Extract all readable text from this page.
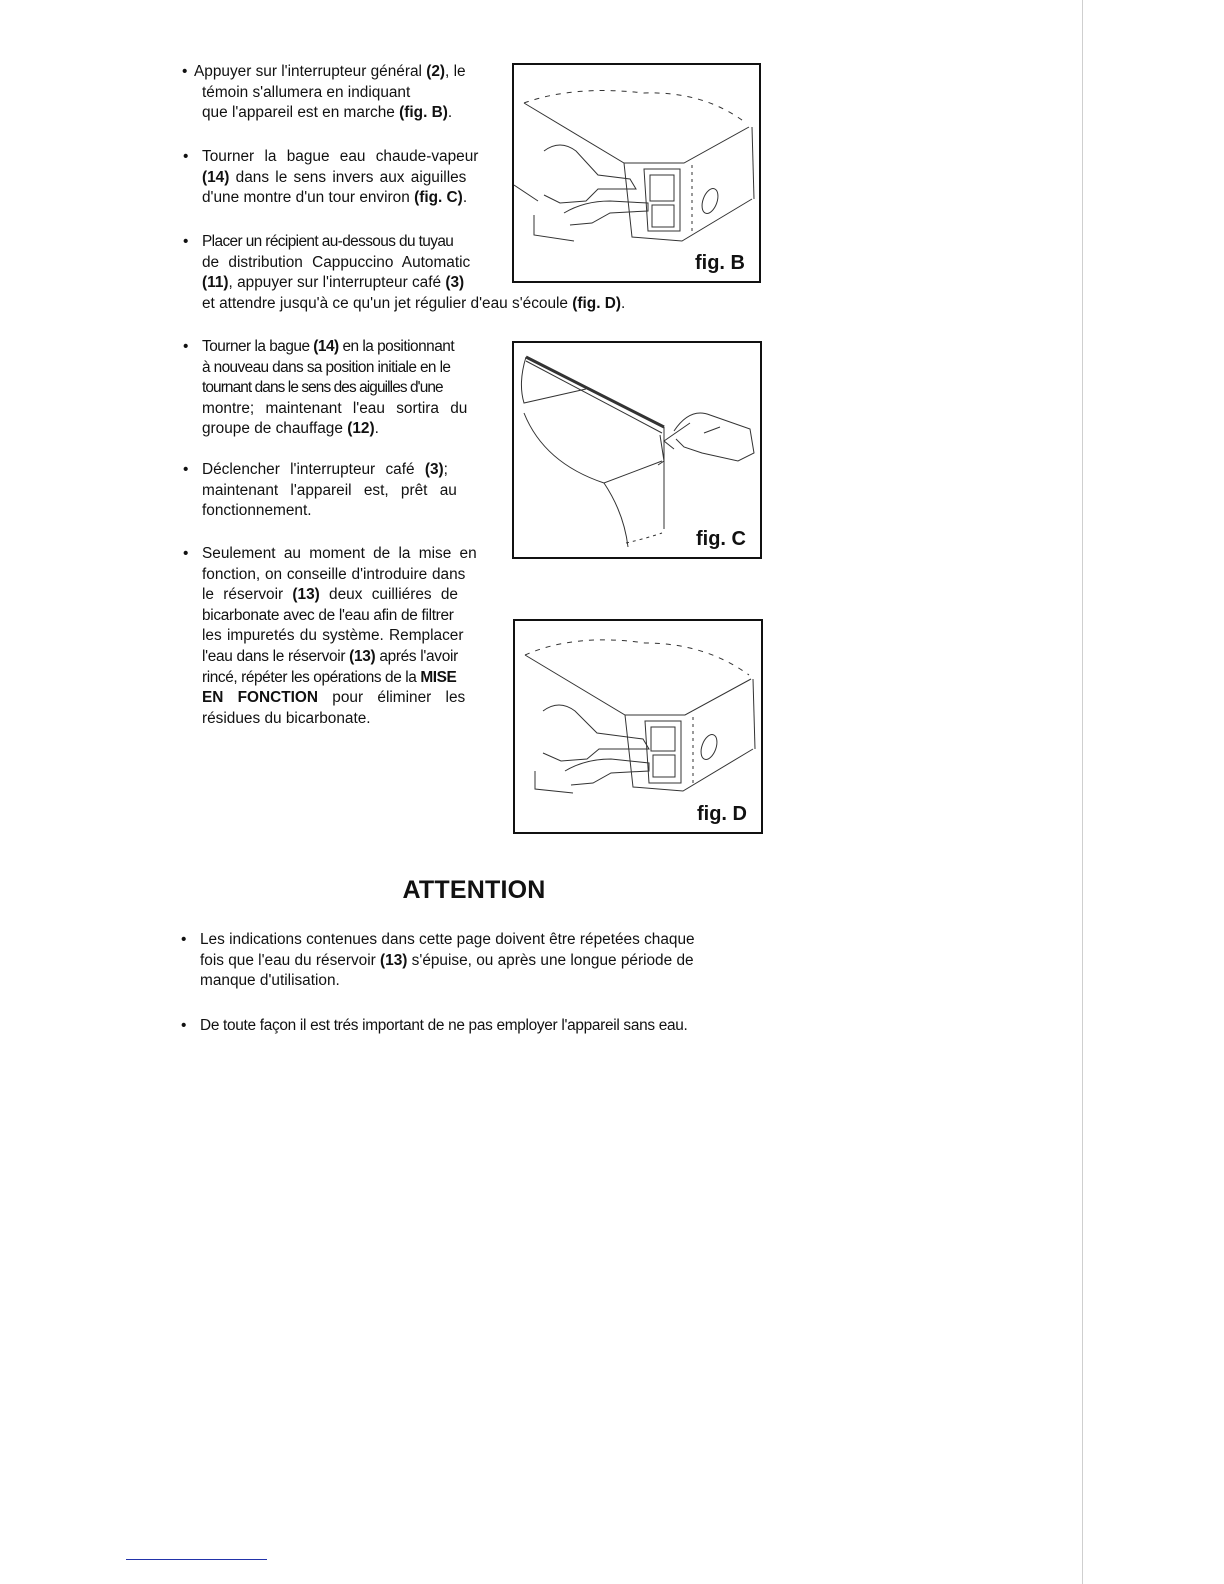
• Appuyer sur l'interrupteur général (2), le

témoin s'allumera en indiquant

que l'appareil est en marche (fig. B).

• Tourner la bague eau chaude-vapeur

(14) dans le sens invers aux aiguilles

d'une montre d'un tour environ (fig. C).

• Placer un récipient au-dessous du tuyau

de distribution Cappuccino Automatic

(11), appuyer sur l'interrupteur café (3)

et attendre jusqu'à ce qu'un jet régulier d'eau s'écoule (fig. D).

• Tourner la bague (14) en la positionnant

à nouveau dans sa position initiale en le

tournant dans le sens des aiguilles d'une

montre; maintenant l'eau sortira du

groupe de chauffage (12).

• Déclencher l'interrupteur café (3);

maintenant l'appareil est, prêt au

fonctionnement.

• Seulement au moment de la mise en

fonction, on conseille d'introduire dans

le réservoir (13) deux cuilliéres de

bicarbonate avec de l'eau afin de filtrer

les impuretés du système. Remplacer

l'eau dans le réservoir (13) aprés l'avoir

rincé, répéter les opérations de la MISE

EN FONCTION pour éliminer les

résidues du bicarbonate.

fig. B
fig. C
fig. D
ATTENTION
• Les indications contenues dans cette page doivent être répetées chaque

fois que l'eau du réservoir (13) s'épuise, ou après une longue période de

manque d'utilisation.

• De toute façon il est trés important de ne pas employer l'appareil sans eau.
